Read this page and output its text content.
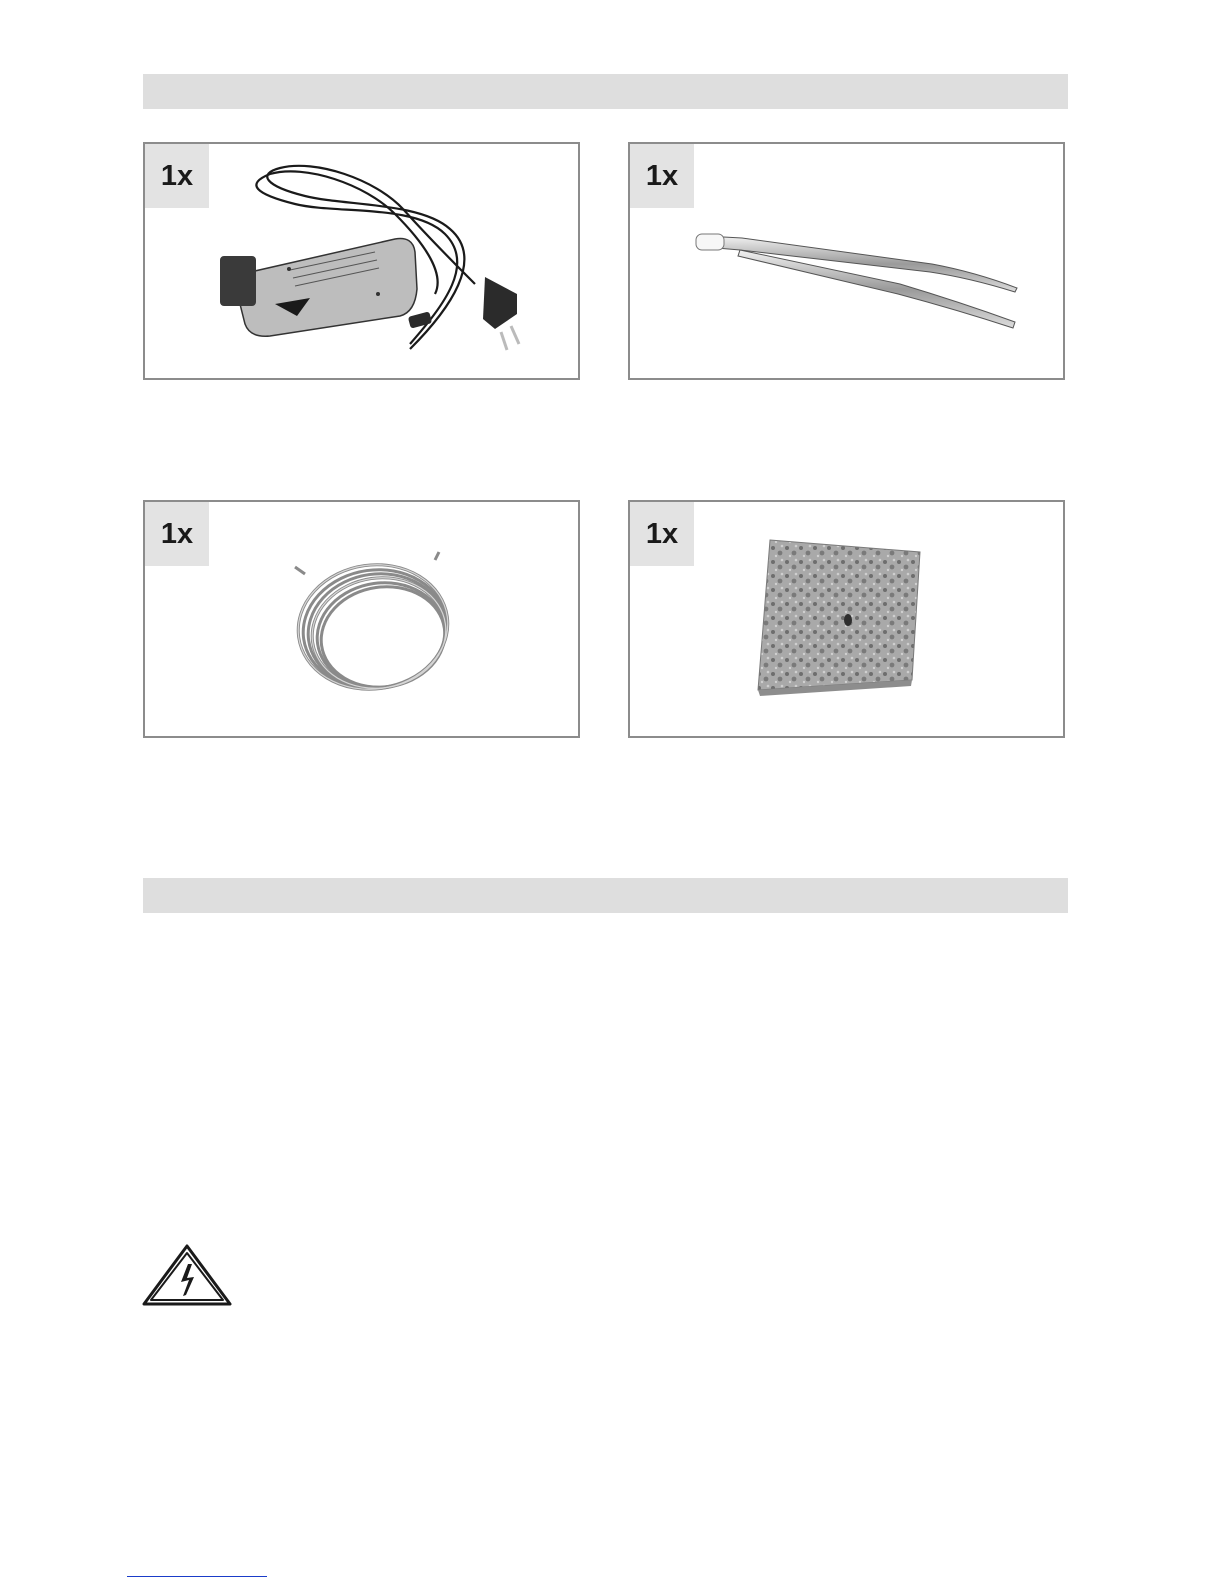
1x	1x
1x	1x
